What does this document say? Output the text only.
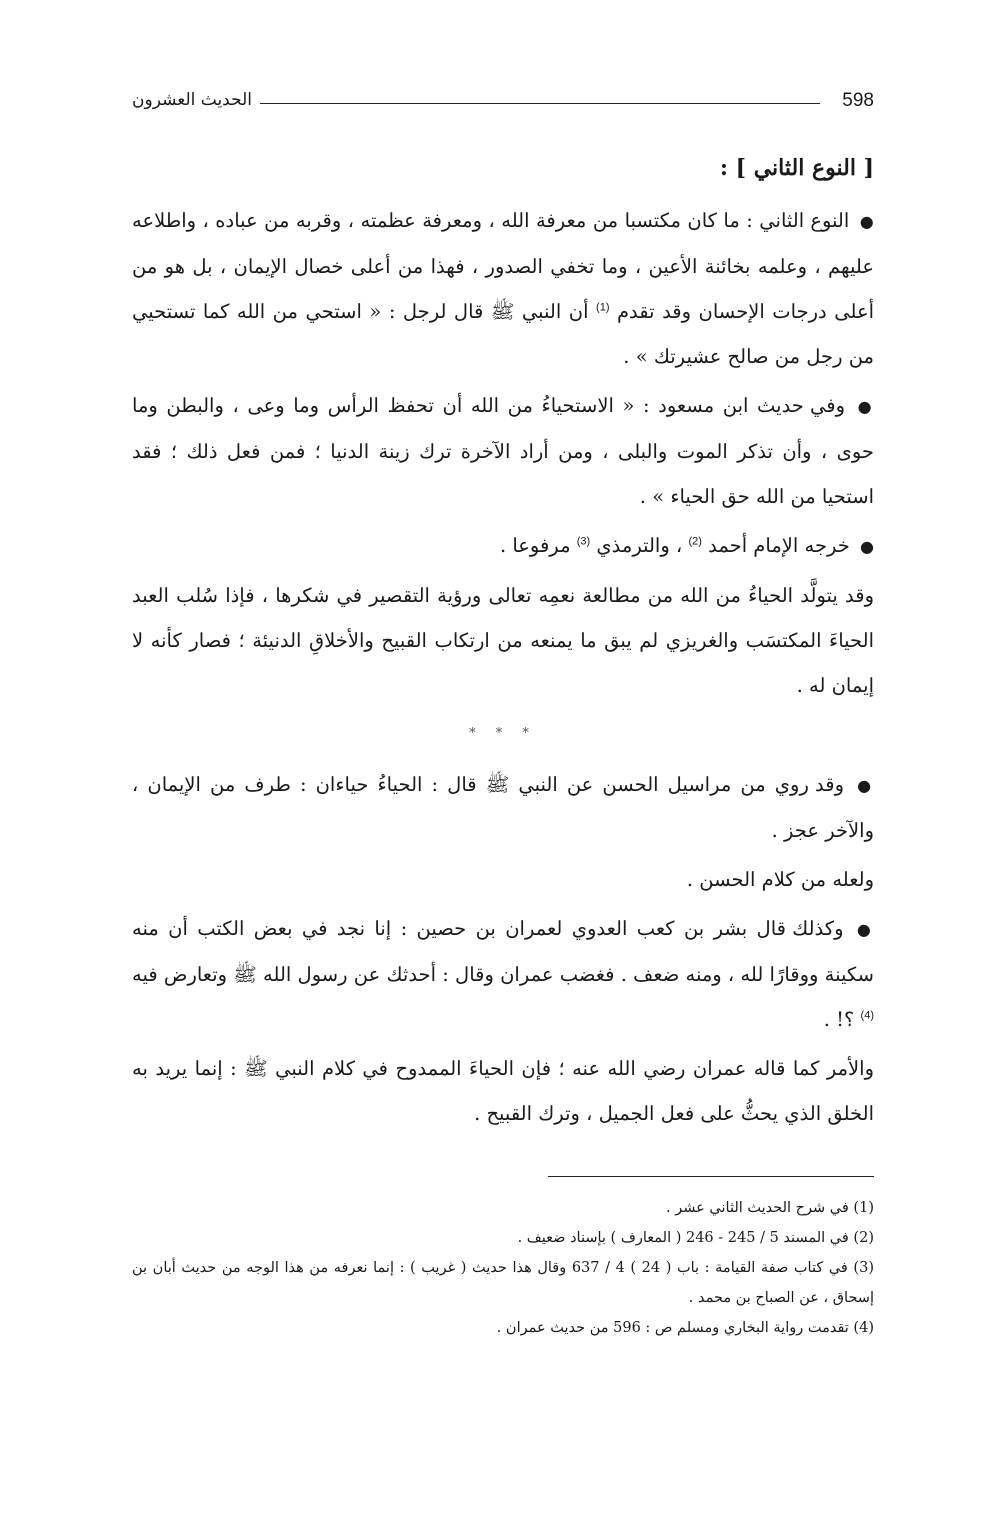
598
الحديث العشرون
[ النوع الثاني ] :

● النوع الثاني : ما كان مكتسبا من معرفة الله ، ومعرفة عظمته ، وقربه من عباده ، واطلاعه عليهم ، وعلمه بخائنة الأعين ، وما تخفي الصدور ، فهذا من أعلى خصال الإيمان ، بل هو من أعلى درجات الإحسان وقد تقدم $^{(1)}$ أن النبي ﷺ قال لرجل : « استحي من الله كما تستحيي من رجل من صالح عشيرتك » .

● وفي حديث ابن مسعود : « الاستحياءُ من الله أن تحفظ الرأس وما وعى ، والبطن وما حوى ، وأن تذكر الموت والبلى ، ومن أراد الآخرة ترك زينة الدنيا ؛ فمن فعل ذلك ؛ فقد استحيا من الله حق الحياء » .

● خرجه الإمام أحمد $^{(2)}$ ، والترمذي $^{(3)}$ مرفوعا .

وقد يتولَّد الحياءُ من الله من مطالعة نعمِه تعالى ورؤية التقصير في شكرها ، فإذا سُلب العبد الحياءَ المكتسَب والغريزي لم يبق ما يمنعه من ارتكاب القبيح والأخلاقِ الدنيئة ؛ فصار كأنه لا إيمان له .

* * *

● وقد روي من مراسيل الحسن عن النبي ﷺ قال : الحياءُ حياءان : طرف من الإيمان ، والآخر عجز .

ولعله من كلام الحسن .

● وكذلك قال بشر بن كعب العدوي لعمران بن حصين : إنا نجد في بعض الكتب أن منه سكينة ووقارًا لله ، ومنه ضعف . فغضب عمران وقال : أحدثك عن رسول الله ﷺ وتعارض فيه $^{(4)}$ ؟! .

والأمر كما قاله عمران رضي الله عنه ؛ فإن الحياءَ الممدوح في كلام النبي ﷺ : إنما يريد به الخلق الذي يحثُّ على فعل الجميل ، وترك القبيح .

(1) في شرح الحديث الثاني عشر .
(2) في المسند 5 / 245 - 246 ( المعارف ) بإسناد ضعيف .
(3) في كتاب صفة القيامة : باب ( 24 ) 4 / 637 وقال هذا حديث ( غريب ) : إنما نعرفه من هذا الوجه من حديث أبان بن إسحاق ، عن الصباح بن محمد .
(4) تقدمت رواية البخاري ومسلم ص : 596 من حديث عمران .
